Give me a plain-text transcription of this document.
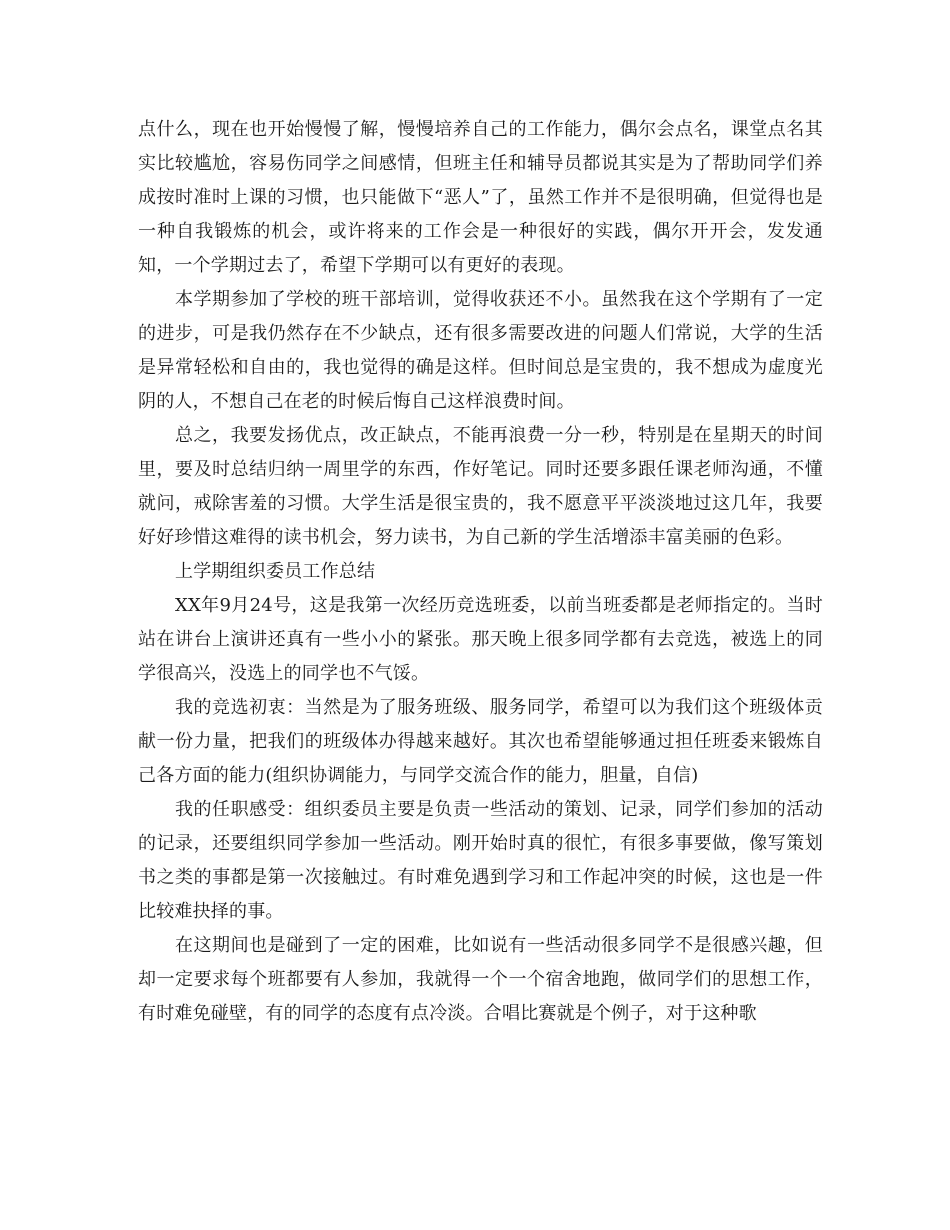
点什么，现在也开始慢慢了解，慢慢培养自己的工作能力，偶尔会点名，课堂点名其实比较尴尬，容易伤同学之间感情，但班主任和辅导员都说其实是为了帮助同学们养成按时准时上课的习惯，也只能做下“恶人”了，虽然工作并不是很明确，但觉得也是一种自我锻炼的机会，或许将来的工作会是一种很好的实践，偶尔开开会，发发通知，一个学期过去了，希望下学期可以有更好的表现。

本学期参加了学校的班干部培训，觉得收获还不小。虽然我在这个学期有了一定的进步，可是我仍然存在不少缺点，还有很多需要改进的问题人们常说，大学的生活是异常轻松和自由的，我也觉得的确是这样。但时间总是宝贵的，我不想成为虚度光阴的人，不想自己在老的时候后悔自己这样浪费时间。

总之，我要发扬优点，改正缺点，不能再浪费一分一秒，特别是在星期天的时间里，要及时总结归纳一周里学的东西，作好笔记。同时还要多跟任课老师沟通，不懂就问，戒除害羞的习惯。大学生活是很宝贵的，我不愿意平平淡淡地过这几年，我要好好珍惜这难得的读书机会，努力读书，为自己新的学生活增添丰富美丽的色彩。

上学期组织委员工作总结

XX年9月24号，这是我第一次经历竞选班委，以前当班委都是老师指定的。当时站在讲台上演讲还真有一些小小的紧张。那天晚上很多同学都有去竞选，被选上的同学很高兴，没选上的同学也不气馁。

我的竞选初衷：当然是为了服务班级、服务同学，希望可以为我们这个班级体贡献一份力量，把我们的班级体办得越来越好。其次也希望能够通过担任班委来锻炼自己各方面的能力(组织协调能力，与同学交流合作的能力，胆量，自信)

我的任职感受：组织委员主要是负责一些活动的策划、记录，同学们参加的活动的记录，还要组织同学参加一些活动。刚开始时真的很忙，有很多事要做，像写策划书之类的事都是第一次接触过。有时难免遇到学习和工作起冲突的时候，这也是一件比较难抉择的事。

在这期间也是碰到了一定的困难，比如说有一些活动很多同学不是很感兴趣，但却一定要求每个班都要有人参加，我就得一个一个宿舍地跑，做同学们的思想工作，有时难免碰壁，有的同学的态度有点冷淡。合唱比赛就是个例子，对于这种歌
